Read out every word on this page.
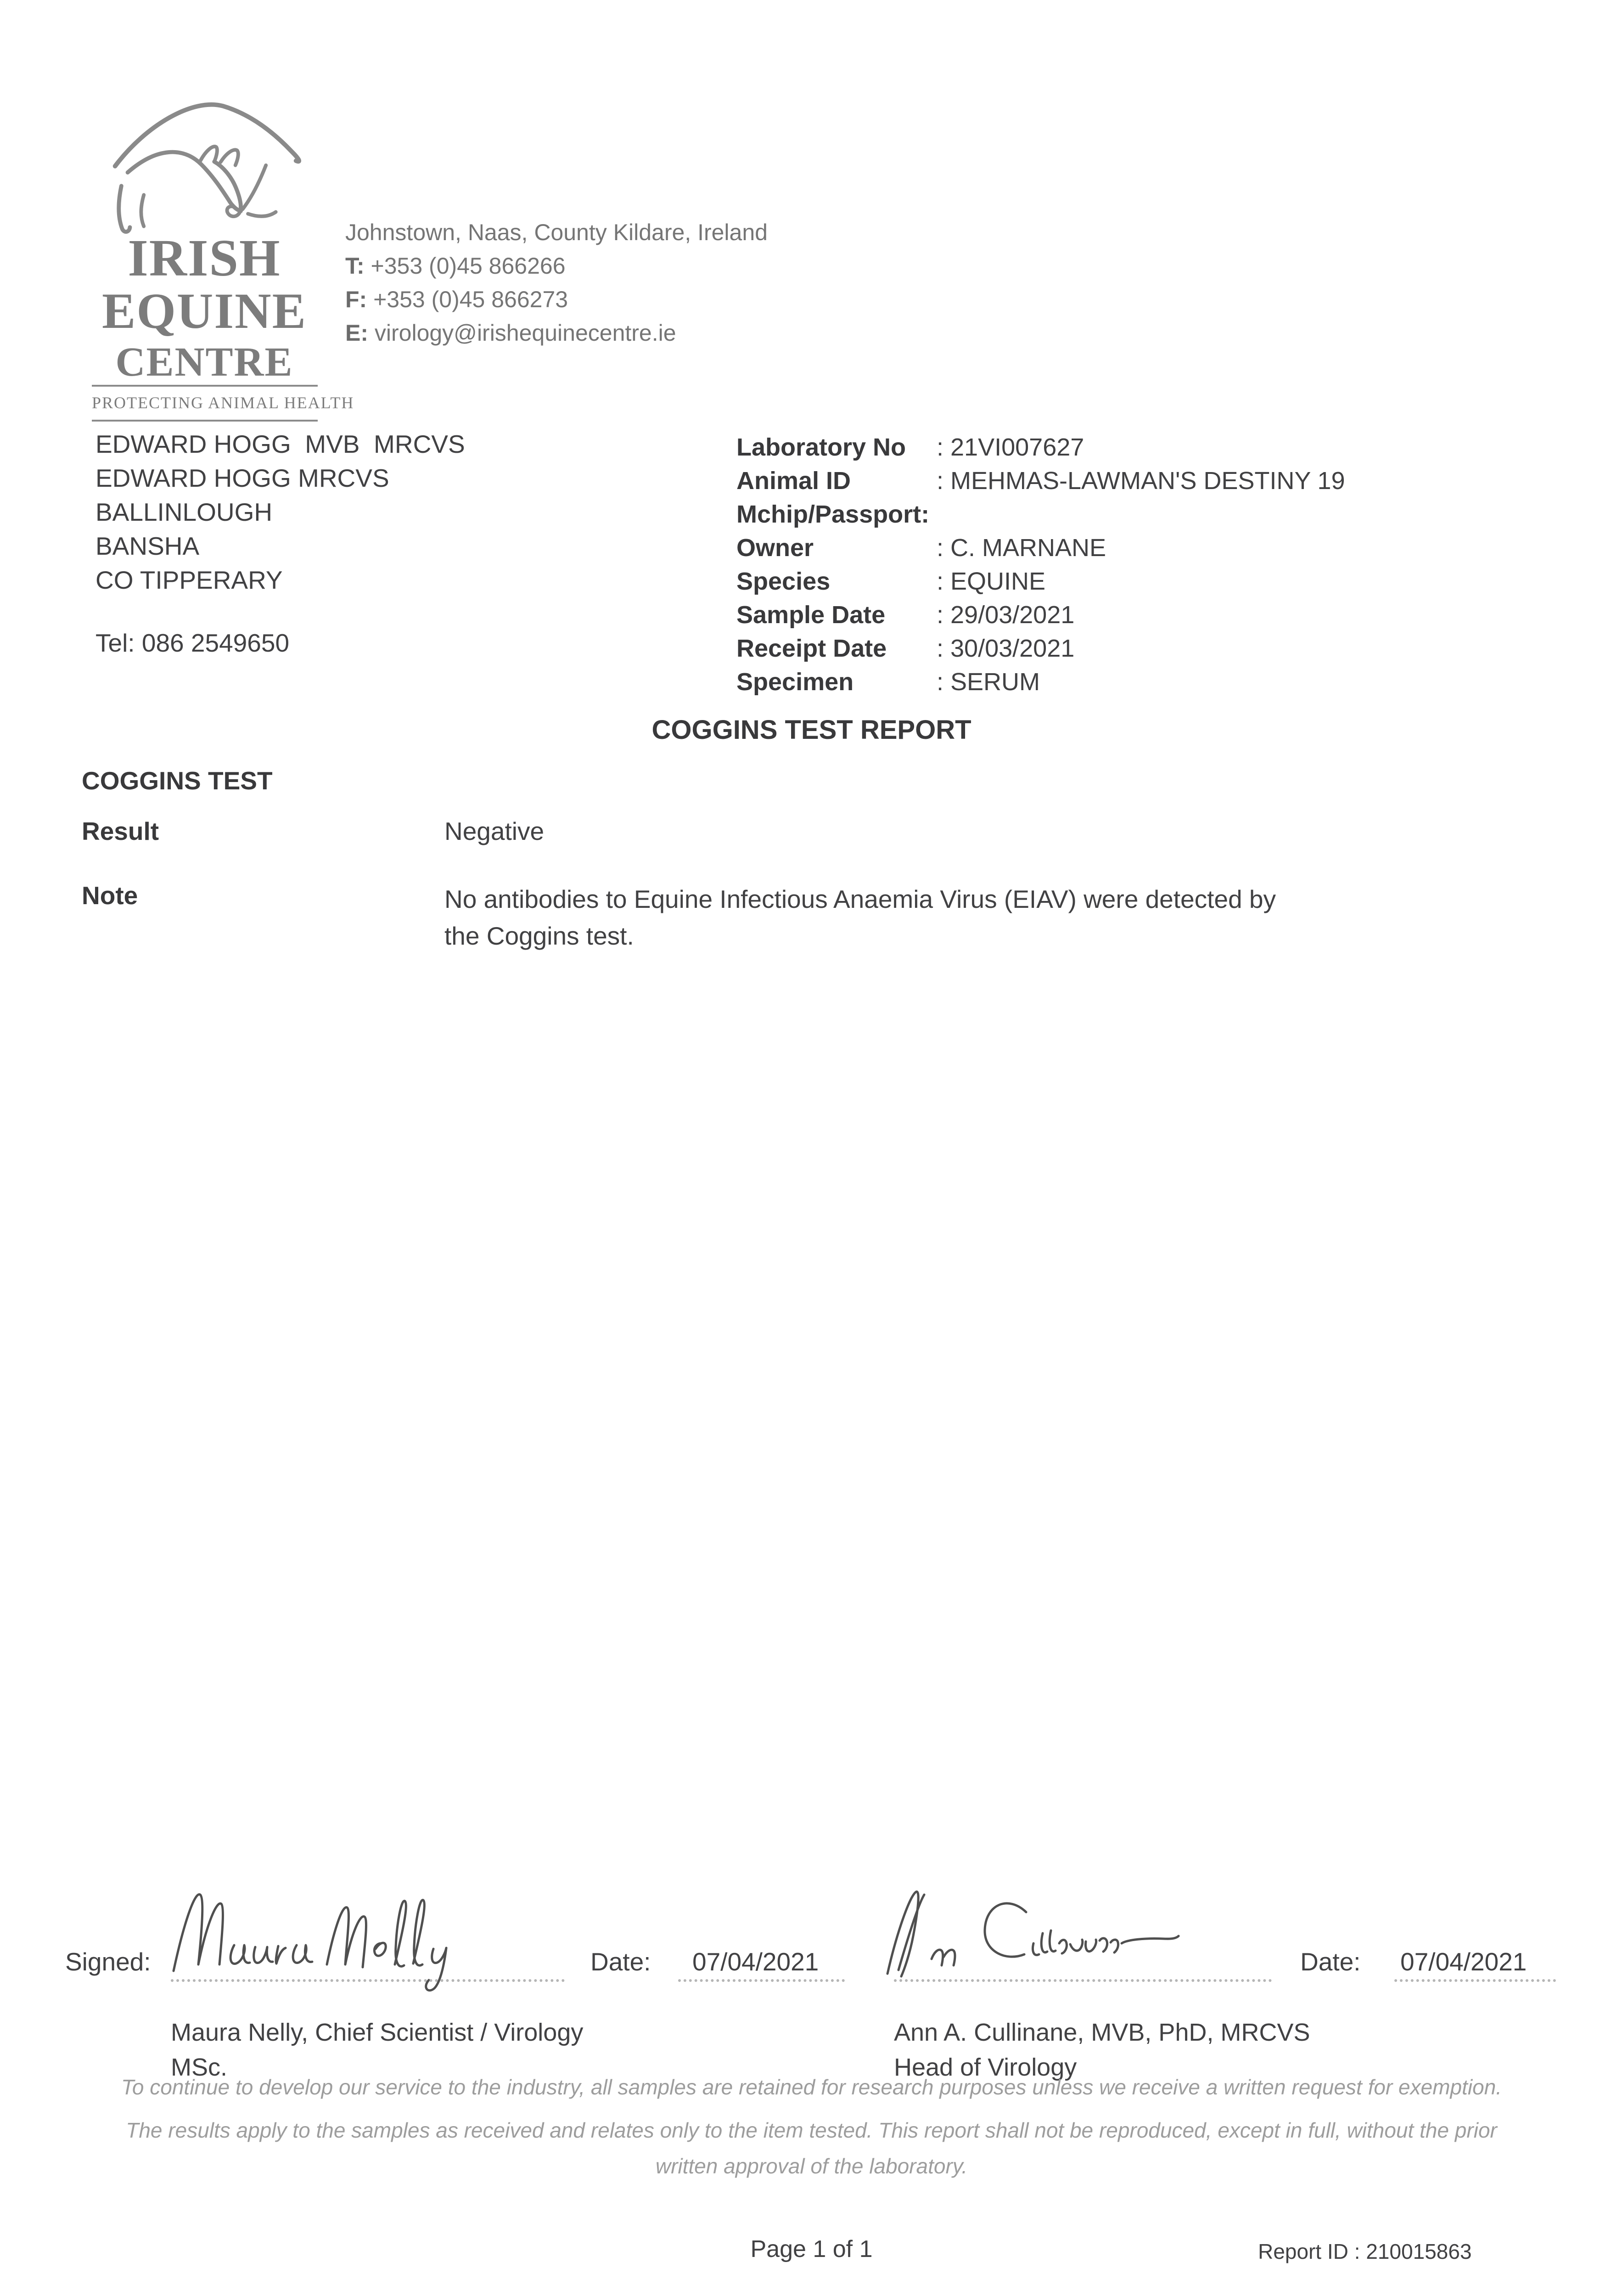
IRISH
EQUINE
CENTRE
PROTECTING ANIMAL HEALTH
Johnstown, Naas, County Kildare, Ireland
T: +353 (0)45 866266
F: +353 (0)45 866273
E: virology@irishequinecentre.ie
EDWARD HOGG  MVB  MRCVS
EDWARD HOGG MRCVS
BALLINLOUGH
BANSHA
CO TIPPERARY
Tel: 086 2549650
Laboratory No	: 21VI007627
Animal ID	: MEHMAS-LAWMAN'S DESTINY 19
Mchip/Passport:
Owner	: C. MARNANE
Species	: EQUINE
Sample Date	: 29/03/2021
Receipt Date	: 30/03/2021
Specimen	: SERUM
COGGINS TEST REPORT
COGGINS TEST
Result	Negative
Note	No antibodies to Equine Infectious Anaemia Virus (EIAV) were detected by
the Coggins test.
Signed:	Date: 07/04/2021	Date: 07/04/2021
Maura Nelly, Chief Scientist / Virology
MSc.
Ann A. Cullinane, MVB, PhD, MRCVS
Head of Virology
To continue to develop our service to the industry, all samples are retained for research purposes unless we receive a written request for exemption.
The results apply to the samples as received and relates only to the item tested. This report shall not be reproduced, except in full, without the prior
written approval of the laboratory.
Page 1 of 1	Report ID : 210015863
